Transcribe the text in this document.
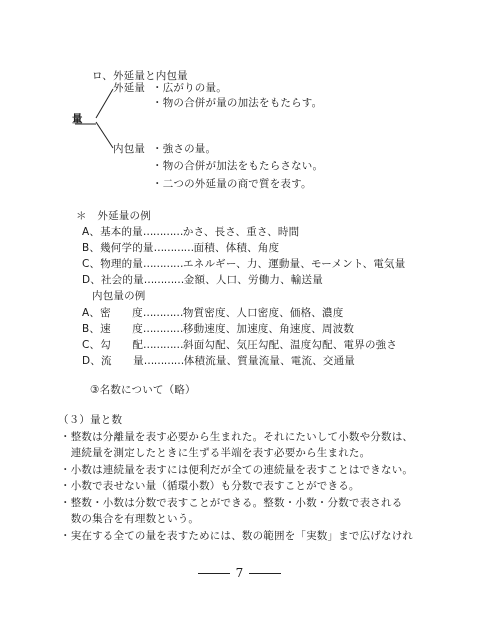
ロ、外延量と内包量
量
外延量 ・広がりの量。
・物の合併が量の加法をもたらす。
内包量 ・強さの量。
・物の合併が加法をもたらさない。
・二つの外延量の商で質を表す。
＊　外延量の例
A、基本的量…………かさ、長さ、重さ、時間
B、幾何学的量…………面積、体積、角度
C、物理的量…………エネルギー、力、運動量、モーメント、電気量
D、社会的量…………金額、人口、労働力、輸送量
内包量の例
A、密　　度…………物質密度、人口密度、価格、濃度
B、速　　度…………移動速度、加速度、角速度、周波数
C、勾　　配…………斜面勾配、気圧勾配、温度勾配、電界の強さ
D、流　　量…………体積流量、質量流量、電流、交通量
③名数について（略）
（３）量と数
・整数は分離量を表す必要から生まれた。それにたいして小数や分数は、
　連続量を測定したときに生ずる半端を表す必要から生まれた。
・小数は連続量を表すには便利だが全ての連続量を表すことはできない。
・小数で表せない量（循環小数）も分数で表すことができる。
・整数・小数は分数で表すことができる。整数・小数・分数で表される
　数の集合を有理数という。
・実在する全ての量を表すためには、数の範囲を「実数」まで広げなけれ
7
